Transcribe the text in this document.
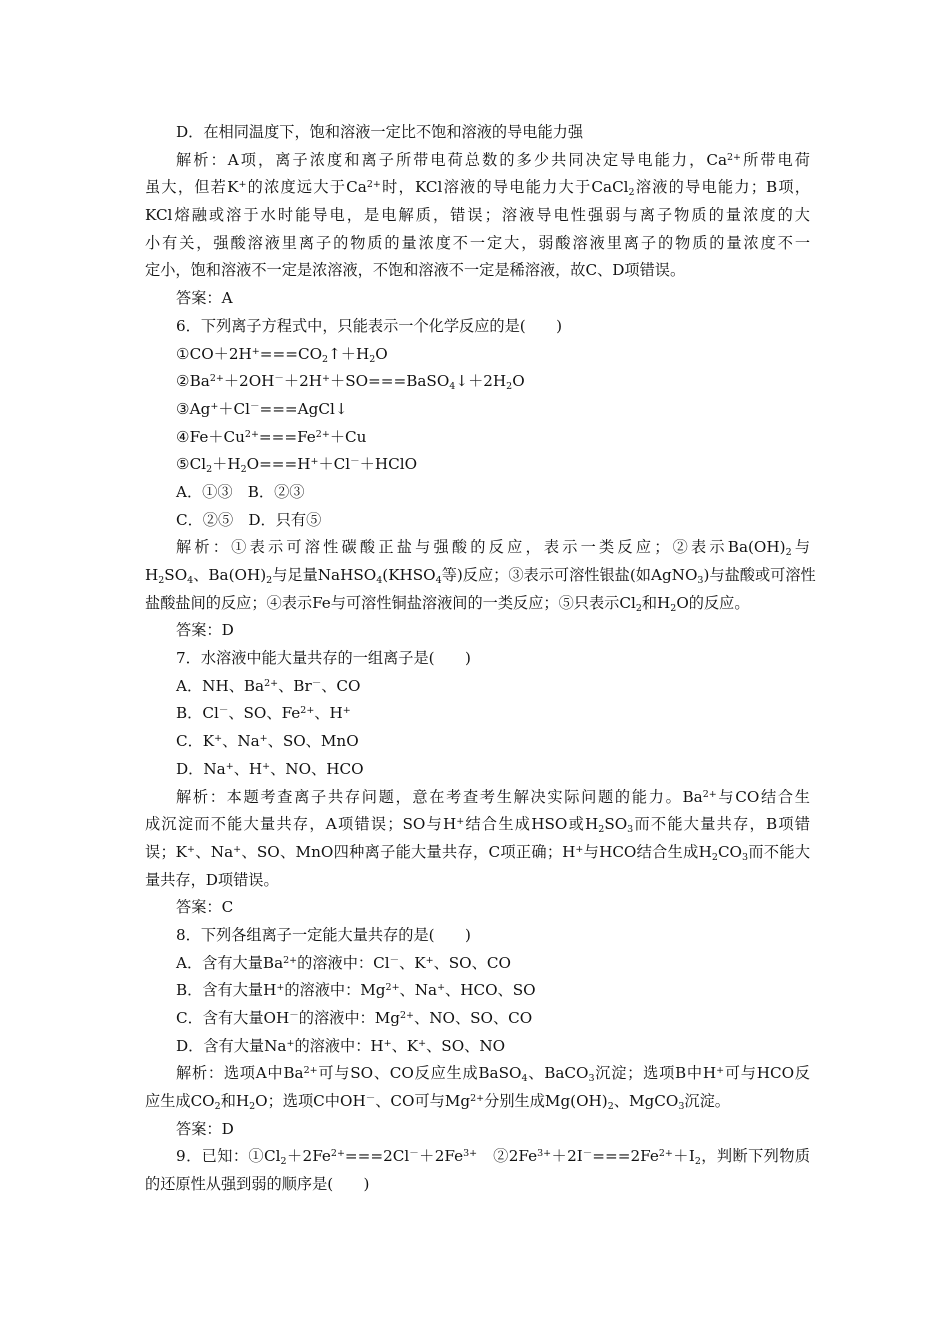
D．在相同温度下，饱和溶液一定比不饱和溶液的导电能力强
解析：A项，离子浓度和离子所带电荷总数的多少共同决定导电能力，$Ca^{2+}$所带电荷
虽大，但若K+的浓度远大于$Ca^{2+}$时，KCl溶液的导电能力大于CaCl$_2$溶液的导电能力；B项，
KCl熔融或溶于水时能导电，是电解质，错误；溶液导电性强弱与离子物质的量浓度的大
小有关，强酸溶液里离子的物质的量浓度不一定大，弱酸溶液里离子的物质的量浓度不一
定小，饱和溶液不一定是浓溶液，不饱和溶液不一定是稀溶液，故C、D项错误。
答案：A
6．下列离子方程式中，只能表示一个化学反应的是(　　)
$①CO+2H^+===CO_2↑+H_2O$
$②Ba^{2+}+2OH^-+2H^++SO===BaSO_4↓+2H_2O$
③Ag+＋Cl－===AgCl↓
$④Fe+Cu^{2+}===Fe^{2+}+Cu$
$⑤Cl_2+H_2O===H^++Cl^-+HClO$
A．①③　B．②③
C．②⑤　D．只有⑤
解析：①表示可溶性碳酸正盐与强酸的反应，表示一类反应；②表示$Ba(OH)_2$与
$H_2SO_4$、$Ba(OH)_2$与足量$NaHSO_4(KHSO_4$等)反应；③表示可溶性银盐(如AgNO$_3$)与盐酸或可溶性
盐酸盐间的反应；④表示Fe与可溶性铜盐溶液间的一类反应；⑤只表示$Cl_2$和$H_2O$的反应。
答案：D
7．水溶液中能大量共存的一组离子是(　　)
A．NH、$Ba^{2+}$、Br－、CO
B．Cl－、SO、$Fe^{2+}$、H+
C．K+、Na+、SO、MnO
D．Na+、H+、NO、HCO
解析：本题考查离子共存问题，意在考查考生解决实际问题的能力。$Ba^{2+}$与CO结合生
成沉淀而不能大量共存，A项错误；SO与H+结合生成HSO或$H_2SO_3$而不能大量共存，B项错
误；K+、Na+、SO、MnO四种离子能大量共存，C项正确；H+与HCO结合生成$H_2CO_3$而不能大
量共存，D项错误。
答案：C
8．下列各组离子一定能大量共存的是(　　)
A．含有大量$Ba^{2+}$的溶液中：Cl－、K+、SO、CO
B．含有大量H+的溶液中：$Mg^{2+}$、Na+、HCO、SO
C．含有大量OH－的溶液中：$Mg^{2+}$、NO、SO、CO
D．含有大量Na+的溶液中：H+、K+、SO、NO
解析：选项A中$Ba^{2+}$可与SO、CO反应生成BaSO$_4$、BaCO$_3$沉淀；选项B中H+可与HCO反
应生成$CO_2$和$H_2O$；选项C中OH－、CO可与$Mg^{2+}$分别生成$Mg(OH)_2$、MgCO$_3$沉淀。
答案：D
9．已知：$①Cl_2+2Fe^{2+}===2Cl^-+2Fe^{3+}$　$②2Fe^{3+}+2I^-===2Fe^{2+}+I_2$，判断下列物质
的还原性从强到弱的顺序是(　　)
